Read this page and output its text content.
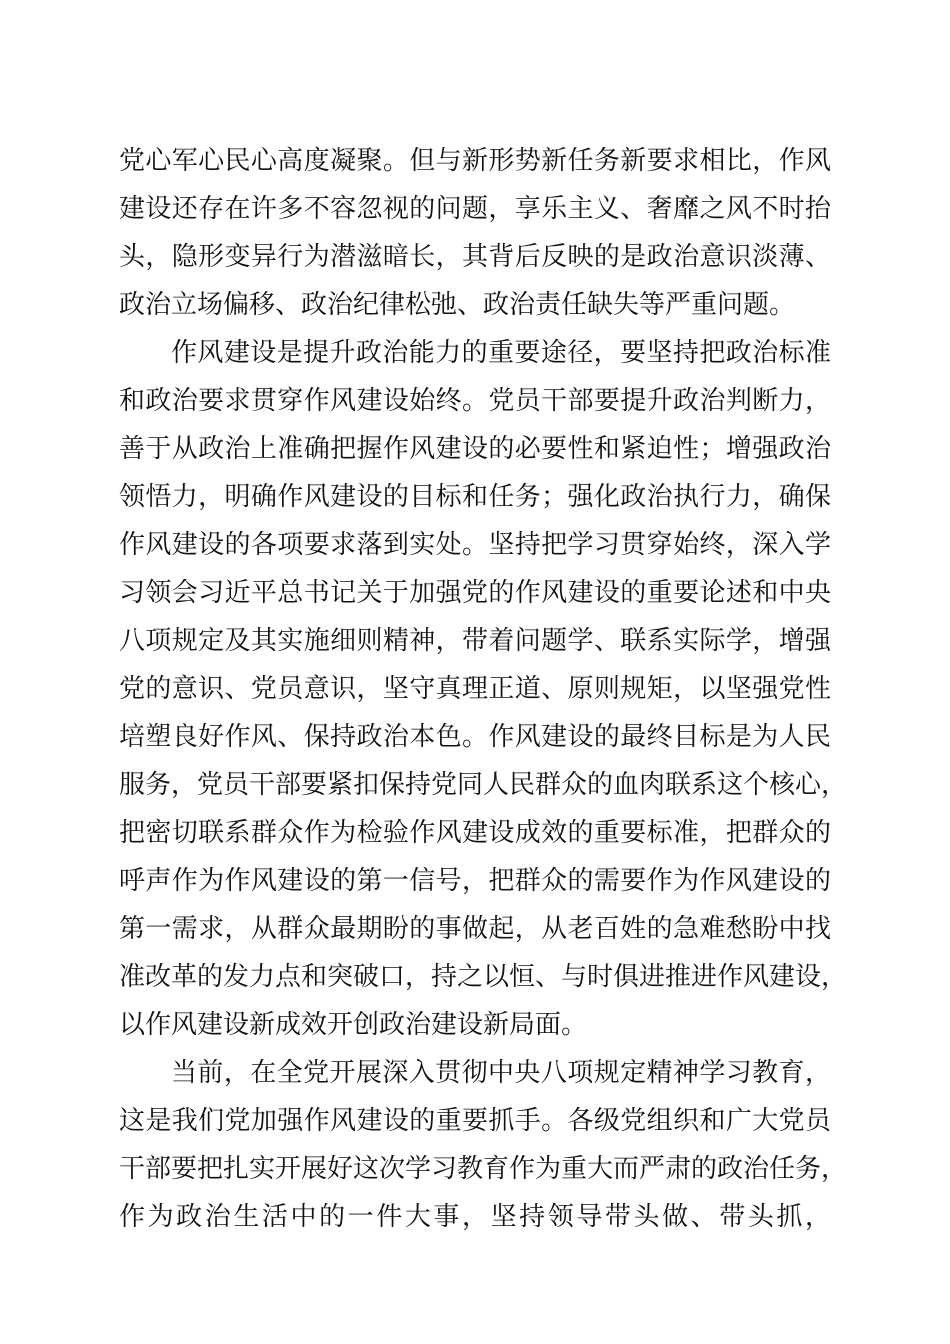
党心军心民心高度凝聚。但与新形势新任务新要求相比，作风

建设还存在许多不容忽视的问题，享乐主义、奢靡之风不时抬

头，隐形变异行为潜滋暗长，其背后反映的是政治意识淡薄、

政治立场偏移、政治纪律松弛、政治责任缺失等严重问题。

作风建设是提升政治能力的重要途径，要坚持把政治标准

和政治要求贯穿作风建设始终。党员干部要提升政治判断力，

善于从政治上准确把握作风建设的必要性和紧迫性；增强政治

领悟力，明确作风建设的目标和任务；强化政治执行力，确保

作风建设的各项要求落到实处。坚持把学习贯穿始终，深入学

习领会习近平总书记关于加强党的作风建设的重要论述和中央

八项规定及其实施细则精神，带着问题学、联系实际学，增强

党的意识、党员意识，坚守真理正道、原则规矩，以坚强党性

培塑良好作风、保持政治本色。作风建设的最终目标是为人民

服务，党员干部要紧扣保持党同人民群众的血肉联系这个核心，

把密切联系群众作为检验作风建设成效的重要标准，把群众的

呼声作为作风建设的第一信号，把群众的需要作为作风建设的

第一需求，从群众最期盼的事做起，从老百姓的急难愁盼中找

准改革的发力点和突破口，持之以恒、与时俱进推进作风建设，

以作风建设新成效开创政治建设新局面。

当前，在全党开展深入贯彻中央八项规定精神学习教育，

这是我们党加强作风建设的重要抓手。各级党组织和广大党员

干部要把扎实开展好这次学习教育作为重大而严肃的政治任务，

作为政治生活中的一件大事，坚持领导带头做、带头抓，
